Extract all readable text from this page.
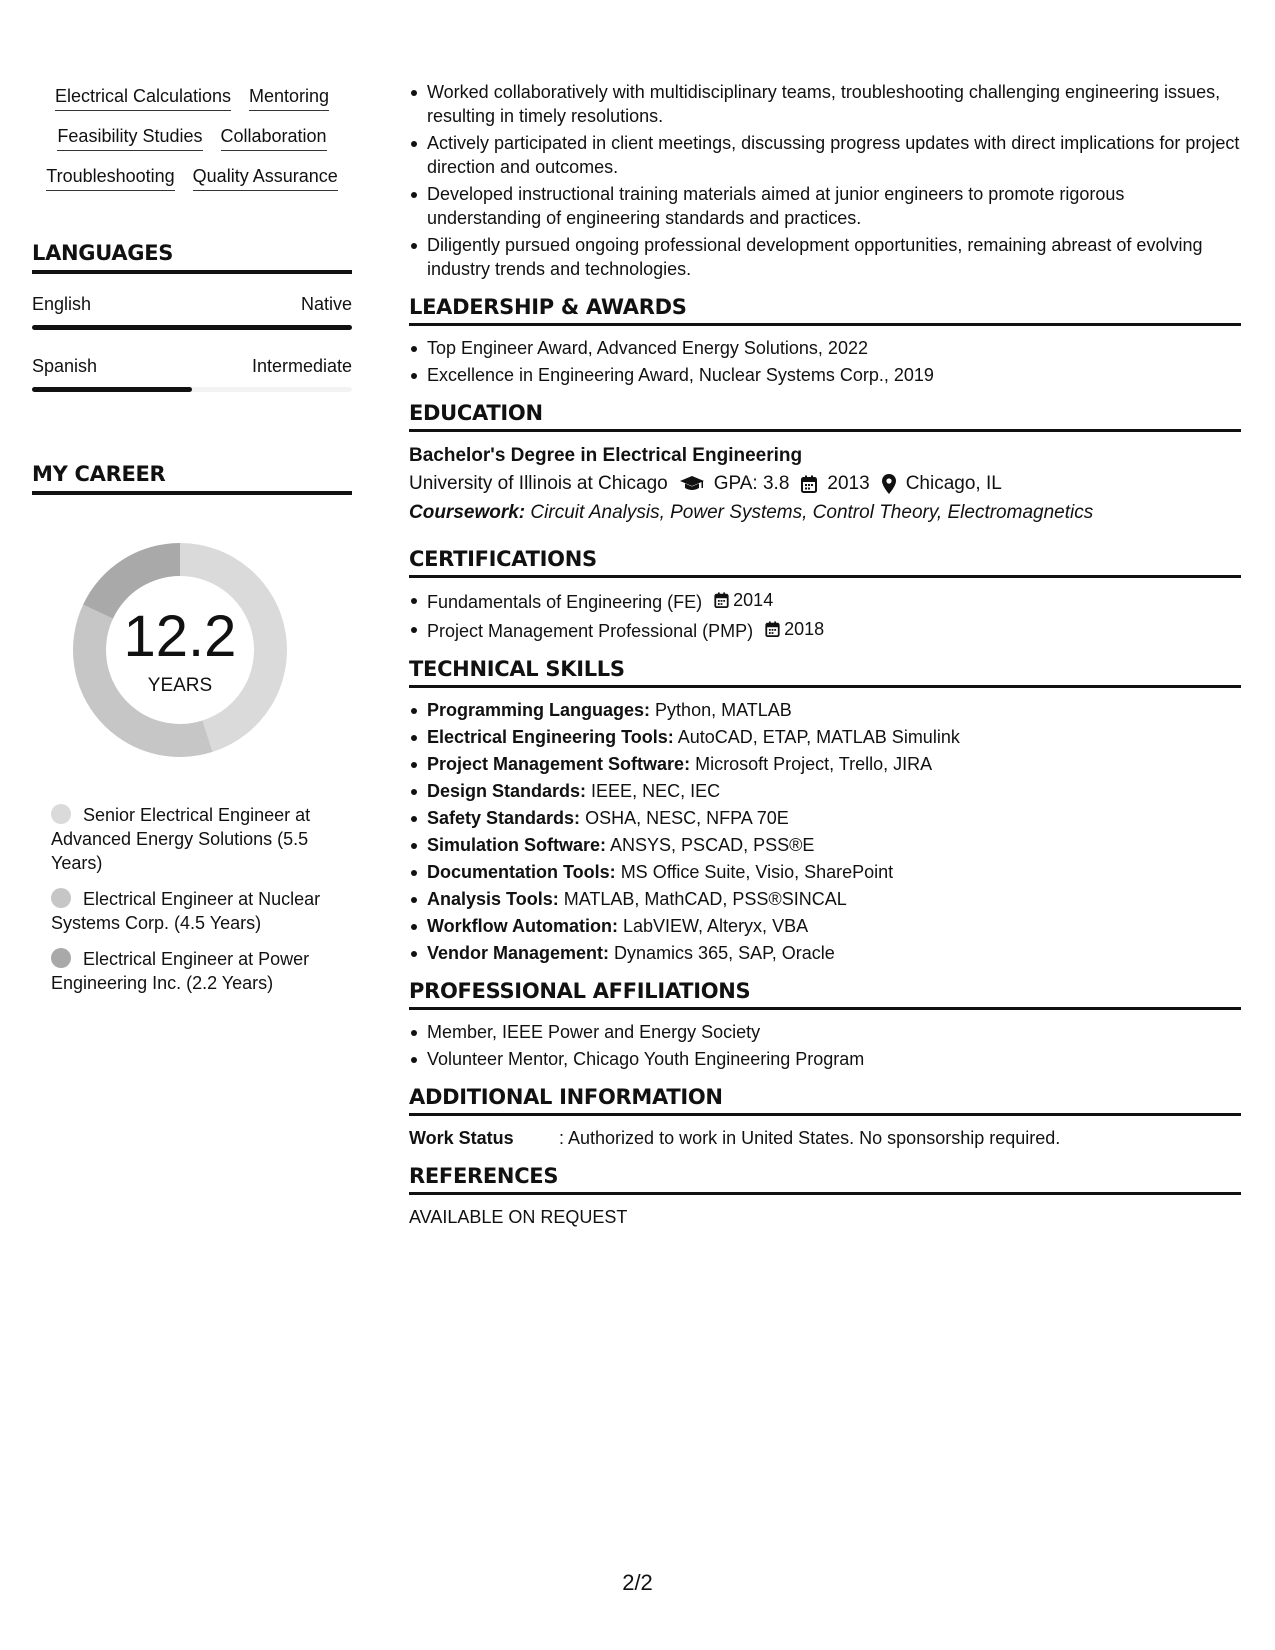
Electrical Calculations Mentoring
Feasibility Studies Collaboration
Troubleshooting Quality Assurance
LANGUAGES
English	Native
Spanish	Intermediate
MY CAREER
12.2
YEARS
Senior Electrical Engineer at Advanced Energy Solutions (5.5 Years)
Electrical Engineer at Nuclear Systems Corp. (4.5 Years)
Electrical Engineer at Power Engineering Inc. (2.2 Years)
Worked collaboratively with multidisciplinary teams, troubleshooting challenging engineering issues, resulting in timely resolutions.
Actively participated in client meetings, discussing progress updates with direct implications for project direction and outcomes.
Developed instructional training materials aimed at junior engineers to promote rigorous understanding of engineering standards and practices.
Diligently pursued ongoing professional development opportunities, remaining abreast of evolving industry trends and technologies.
LEADERSHIP & AWARDS
Top Engineer Award, Advanced Energy Solutions, 2022
Excellence in Engineering Award, Nuclear Systems Corp., 2019
EDUCATION
Bachelor's Degree in Electrical Engineering
University of Illinois at Chicago GPA: 3.8 2013 Chicago, IL
Coursework: Circuit Analysis, Power Systems, Control Theory, Electromagnetics
CERTIFICATIONS
Fundamentals of Engineering (FE) 2014
Project Management Professional (PMP) 2018
TECHNICAL SKILLS
Programming Languages: Python, MATLAB
Electrical Engineering Tools: AutoCAD, ETAP, MATLAB Simulink
Project Management Software: Microsoft Project, Trello, JIRA
Design Standards: IEEE, NEC, IEC
Safety Standards: OSHA, NESC, NFPA 70E
Simulation Software: ANSYS, PSCAD, PSS®E
Documentation Tools: MS Office Suite, Visio, SharePoint
Analysis Tools: MATLAB, MathCAD, PSS®SINCAL
Workflow Automation: LabVIEW, Alteryx, VBA
Vendor Management: Dynamics 365, SAP, Oracle
PROFESSIONAL AFFILIATIONS
Member, IEEE Power and Energy Society
Volunteer Mentor, Chicago Youth Engineering Program
ADDITIONAL INFORMATION
Work Status	: Authorized to work in United States. No sponsorship required.
REFERENCES
AVAILABLE ON REQUEST
2/2
